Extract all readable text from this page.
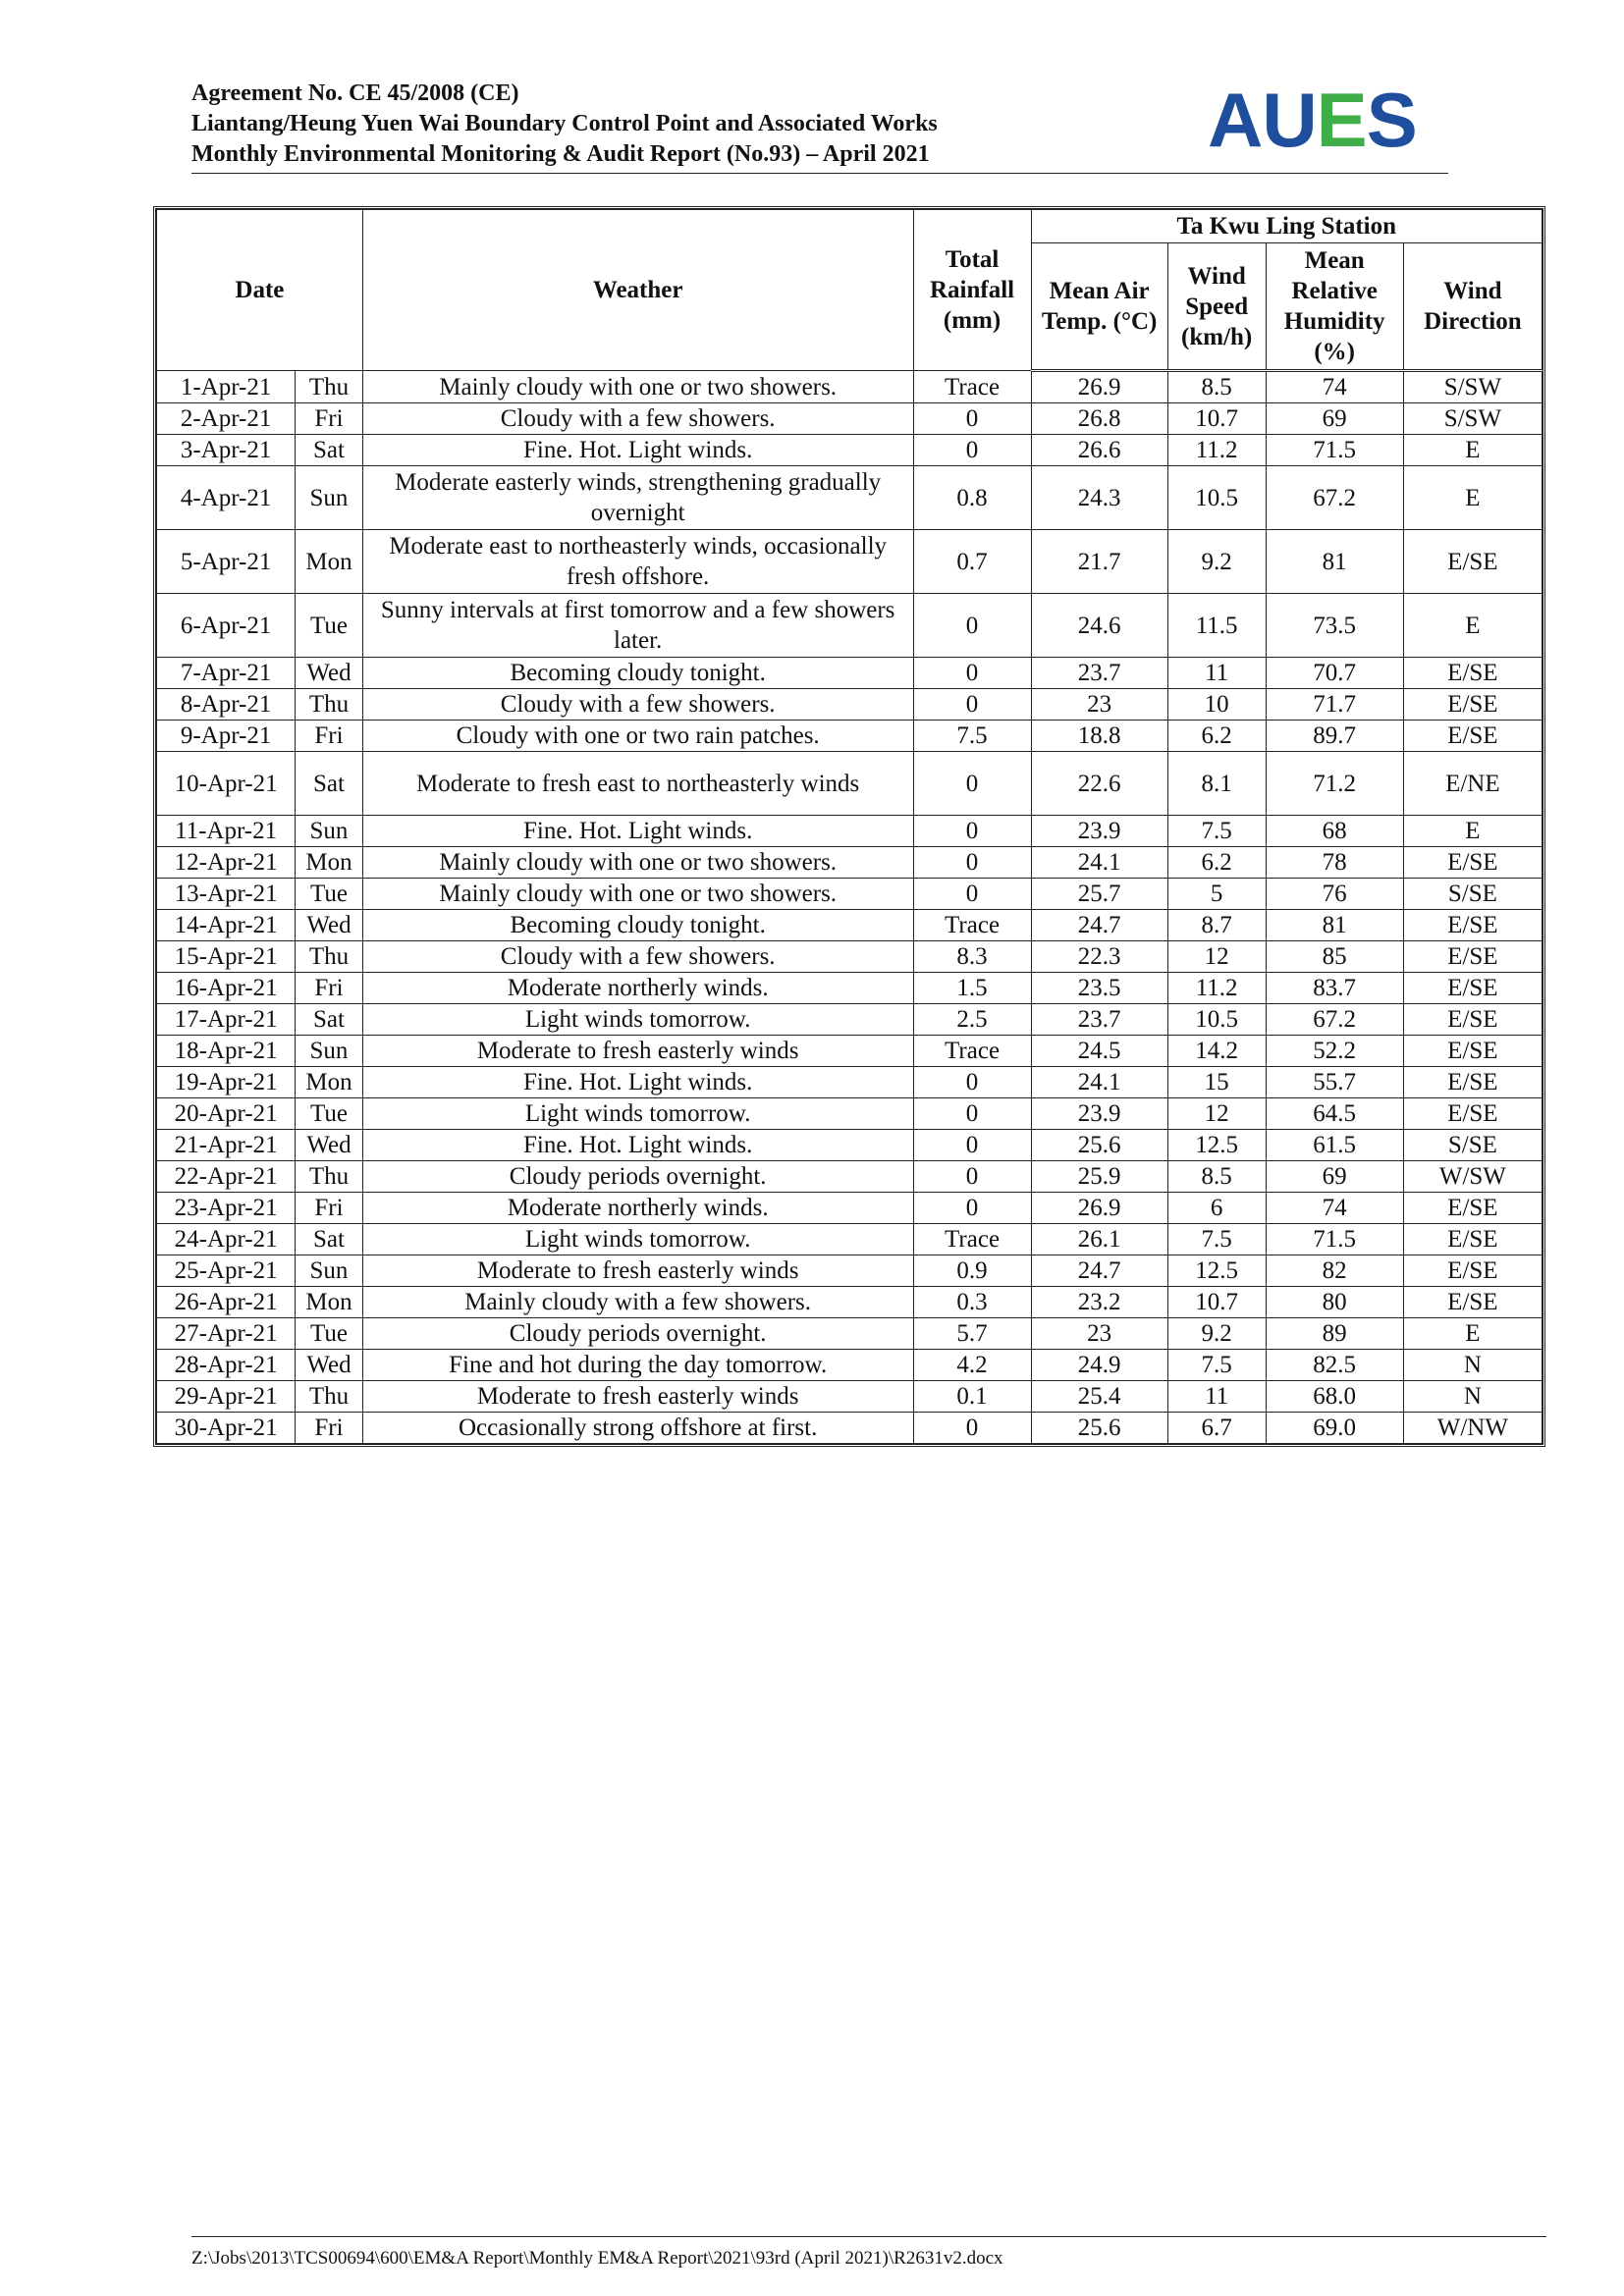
Agreement No. CE 45/2008 (CE)
Liantang/Heung Yuen Wai Boundary Control Point and Associated Works
Monthly Environmental Monitoring & Audit Report (No.93) – April 2021	AUES
Date		Weather	Total Rainfall (mm)	Ta Kwu Ling Station			
				Mean Air Temp. (°C)	Wind Speed (km/h)	Mean Relative Humidity (%)	Wind Direction
1-Apr-21	Thu	Mainly cloudy with one or two showers.	Trace	26.9	8.5	74	S/SW
2-Apr-21	Fri	Cloudy with a few showers.	0	26.8	10.7	69	S/SW
3-Apr-21	Sat	Fine. Hot. Light winds.	0	26.6	11.2	71.5	E
4-Apr-21	Sun	Moderate easterly winds, strengthening gradually overnight	0.8	24.3	10.5	67.2	E
5-Apr-21	Mon	Moderate east to northeasterly winds, occasionally fresh offshore.	0.7	21.7	9.2	81	E/SE
6-Apr-21	Tue	Sunny intervals at first tomorrow and a few showers later.	0	24.6	11.5	73.5	E
7-Apr-21	Wed	Becoming cloudy tonight.	0	23.7	11	70.7	E/SE
8-Apr-21	Thu	Cloudy with a few showers.	0	23	10	71.7	E/SE
9-Apr-21	Fri	Cloudy with one or two rain patches.	7.5	18.8	6.2	89.7	E/SE
10-Apr-21	Sat	Moderate to fresh east to northeasterly winds	0	22.6	8.1	71.2	E/NE
11-Apr-21	Sun	Fine. Hot. Light winds.	0	23.9	7.5	68	E
12-Apr-21	Mon	Mainly cloudy with one or two showers.	0	24.1	6.2	78	E/SE
13-Apr-21	Tue	Mainly cloudy with one or two showers.	0	25.7	5	76	S/SE
14-Apr-21	Wed	Becoming cloudy tonight.	Trace	24.7	8.7	81	E/SE
15-Apr-21	Thu	Cloudy with a few showers.	8.3	22.3	12	85	E/SE
16-Apr-21	Fri	Moderate northerly winds.	1.5	23.5	11.2	83.7	E/SE
17-Apr-21	Sat	Light winds tomorrow.	2.5	23.7	10.5	67.2	E/SE
18-Apr-21	Sun	Moderate to fresh easterly winds	Trace	24.5	14.2	52.2	E/SE
19-Apr-21	Mon	Fine. Hot. Light winds.	0	24.1	15	55.7	E/SE
20-Apr-21	Tue	Light winds tomorrow.	0	23.9	12	64.5	E/SE
21-Apr-21	Wed	Fine. Hot. Light winds.	0	25.6	12.5	61.5	S/SE
22-Apr-21	Thu	Cloudy periods overnight.	0	25.9	8.5	69	W/SW
23-Apr-21	Fri	Moderate northerly winds.	0	26.9	6	74	E/SE
24-Apr-21	Sat	Light winds tomorrow.	Trace	26.1	7.5	71.5	E/SE
25-Apr-21	Sun	Moderate to fresh easterly winds	0.9	24.7	12.5	82	E/SE
26-Apr-21	Mon	Mainly cloudy with a few showers.	0.3	23.2	10.7	80	E/SE
27-Apr-21	Tue	Cloudy periods overnight.	5.7	23	9.2	89	E
28-Apr-21	Wed	Fine and hot during the day tomorrow.	4.2	24.9	7.5	82.5	N
29-Apr-21	Thu	Moderate to fresh easterly winds	0.1	25.4	11	68.0	N
30-Apr-21	Fri	Occasionally strong offshore at first.	0	25.6	6.7	69.0	W/NW
Z:\Jobs\2013\TCS00694\600\EM&A Report\Monthly EM&A Report\2021\93rd (April 2021)\R2631v2.docx
